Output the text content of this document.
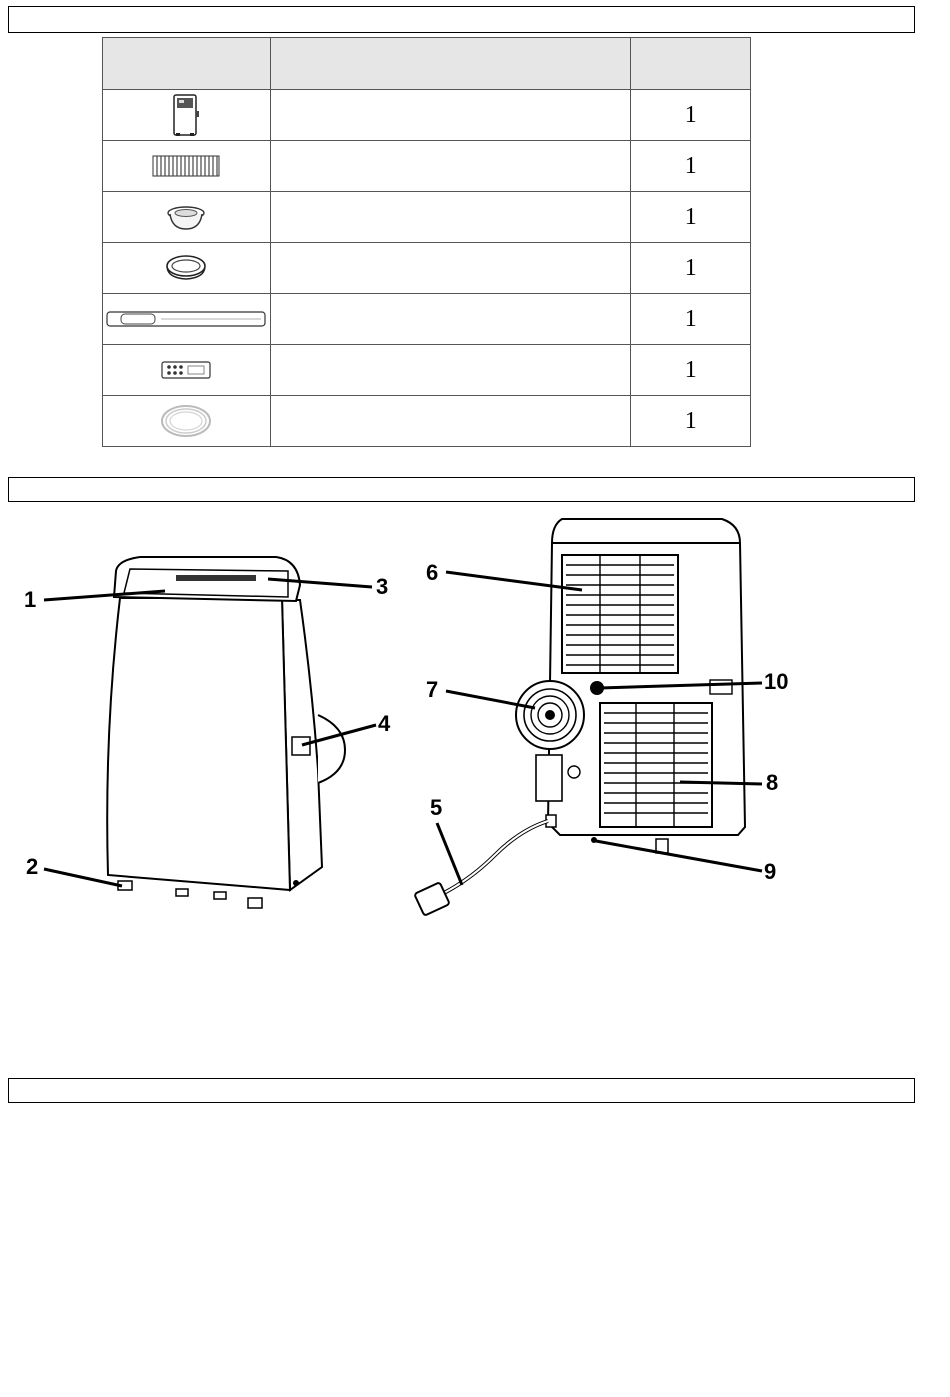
		1

		1

		1

		1

		1

		1

		1
1
2
3
4
5
6
7
8
9
10
